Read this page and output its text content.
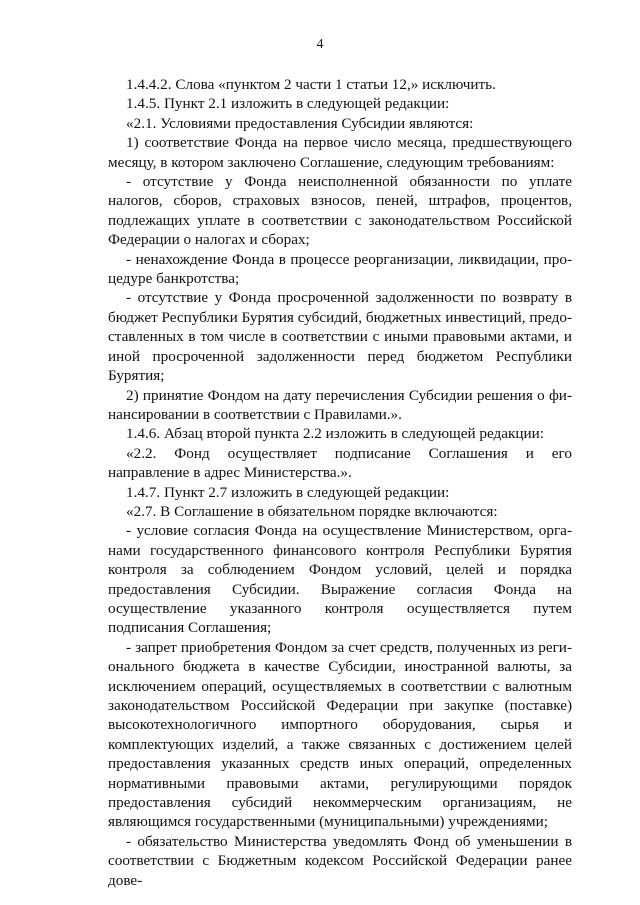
4

1.4.4.2. Слова «пунктом 2 части 1 статьи 12,» исключить.

1.4.5. Пункт 2.1 изложить в следующей редакции:

«2.1. Условиями предоставления Субсидии являются:

1) соответствие Фонда на первое число месяца, предшествующего месяцу, в котором заключено Соглашение, следующим требованиям:

- отсутствие у Фонда неисполненной обязанности по уплате налогов, сборов, страховых взносов, пеней, штрафов, процентов, подлежащих уплате в соответствии с законодательством Российской Федерации о налогах и сборах;

- ненахождение Фонда в процессе реорганизации, ликвидации, процедуре банкротства;

- отсутствие у Фонда просроченной задолженности по возврату в бюджет Республики Бурятия субсидий, бюджетных инвестиций, предоставленных в том числе в соответствии с иными правовыми актами, и иной просроченной задолженности перед бюджетом Республики Бурятия;

2) принятие Фондом на дату перечисления Субсидии решения о финансировании в соответствии с Правилами.».

1.4.6. Абзац второй пункта 2.2 изложить в следующей редакции:

«2.2. Фонд осуществляет подписание Соглашения и его направление в адрес Министерства.».

1.4.7. Пункт 2.7 изложить в следующей редакции:

«2.7. В Соглашение в обязательном порядке включаются:

- условие согласия Фонда на осуществление Министерством, органами государственного финансового контроля Республики Бурятия контроля за соблюдением Фондом условий, целей и порядка предоставления Субсидии. Выражение согласия Фонда на осуществление указанного контроля осуществляется путем подписания Соглашения;

- запрет приобретения Фондом за счет средств, полученных из регионального бюджета в качестве Субсидии, иностранной валюты, за исключением операций, осуществляемых в соответствии с валютным законодательством Российской Федерации при закупке (поставке) высокотехнологичного импортного оборудования, сырья и комплектующих изделий, а также связанных с достижением целей предоставления указанных средств иных операций, определенных нормативными правовыми актами, регулирующими порядок предоставления субсидий некоммерческим организациям, не являющимся государственными (муниципальными) учреждениями;

- обязательство Министерства уведомлять Фонд об уменьшении в соответствии с Бюджетным кодексом Российской Федерации ранее дове-
